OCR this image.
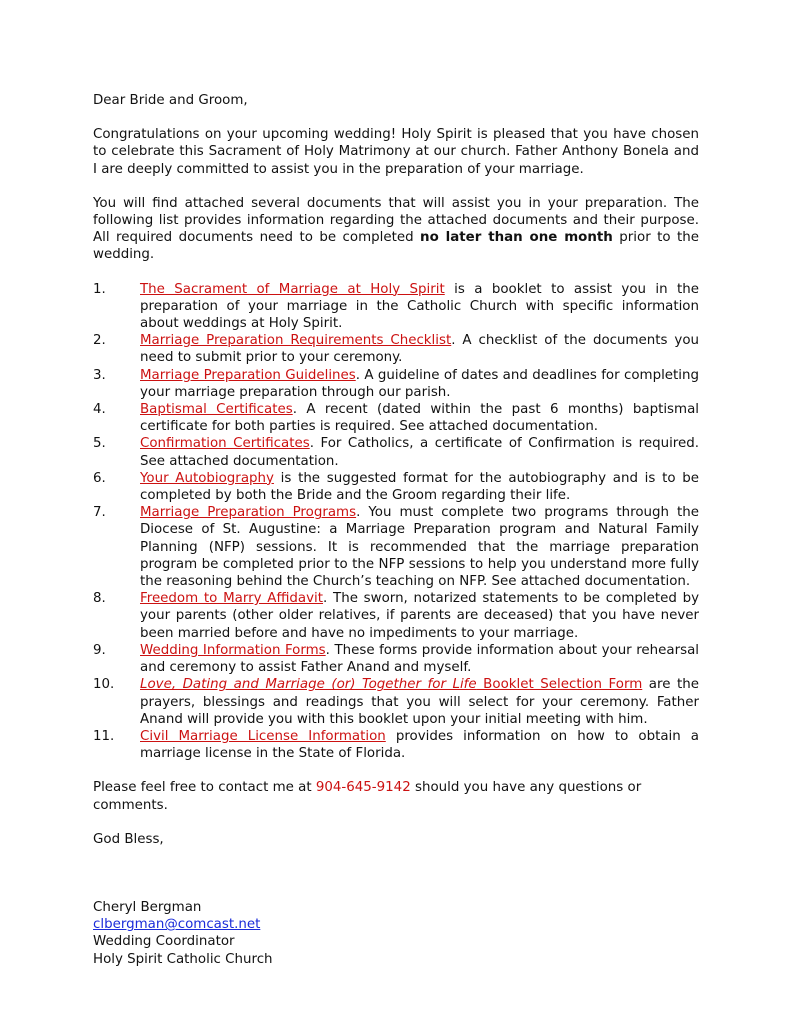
Dear Bride and Groom,

Congratulations on your upcoming wedding! Holy Spirit is pleased that you have chosen to celebrate this Sacrament of Holy Matrimony at our church. Father Anthony Bonela and I are deeply committed to assist you in the preparation of your marriage.

You will find attached several documents that will assist you in your preparation. The following list provides information regarding the attached documents and their purpose. All required documents need to be completed no later than one month prior to the wedding.

1.	The Sacrament of Marriage at Holy Spirit is a booklet to assist you in the preparation of your marriage in the Catholic Church with specific information about weddings at Holy Spirit.
2.	Marriage Preparation Requirements Checklist. A checklist of the documents you need to submit prior to your ceremony.
3.	Marriage Preparation Guidelines. A guideline of dates and deadlines for completing your marriage preparation through our parish.
4.	Baptismal Certificates. A recent (dated within the past 6 months) baptismal certificate for both parties is required. See attached documentation.
5.	Confirmation Certificates. For Catholics, a certificate of Confirmation is required. See attached documentation.
6.	Your Autobiography is the suggested format for the autobiography and is to be completed by both the Bride and the Groom regarding their life.
7.	Marriage Preparation Programs. You must complete two programs through the Diocese of St. Augustine: a Marriage Preparation program and Natural Family Planning (NFP) sessions. It is recommended that the marriage preparation program be completed prior to the NFP sessions to help you understand more fully the reasoning behind the Church’s teaching on NFP. See attached documentation.
8.	Freedom to Marry Affidavit. The sworn, notarized statements to be completed by your parents (other older relatives, if parents are deceased) that you have never been married before and have no impediments to your marriage.
9.	Wedding Information Forms. These forms provide information about your rehearsal and ceremony to assist Father Anand and myself.
10. Love, Dating and Marriage (or) Together for Life Booklet Selection Form are the prayers, blessings and readings that you will select for your ceremony. Father Anand will provide you with this booklet upon your initial meeting with him.
11. Civil Marriage License Information provides information on how to obtain a marriage license in the State of Florida.

Please feel free to contact me at 904-645-9142 should you have any questions or comments.

God Bless,

Cheryl Bergman

clbergman@comcast.net

Wedding Coordinator

Holy Spirit Catholic Church
